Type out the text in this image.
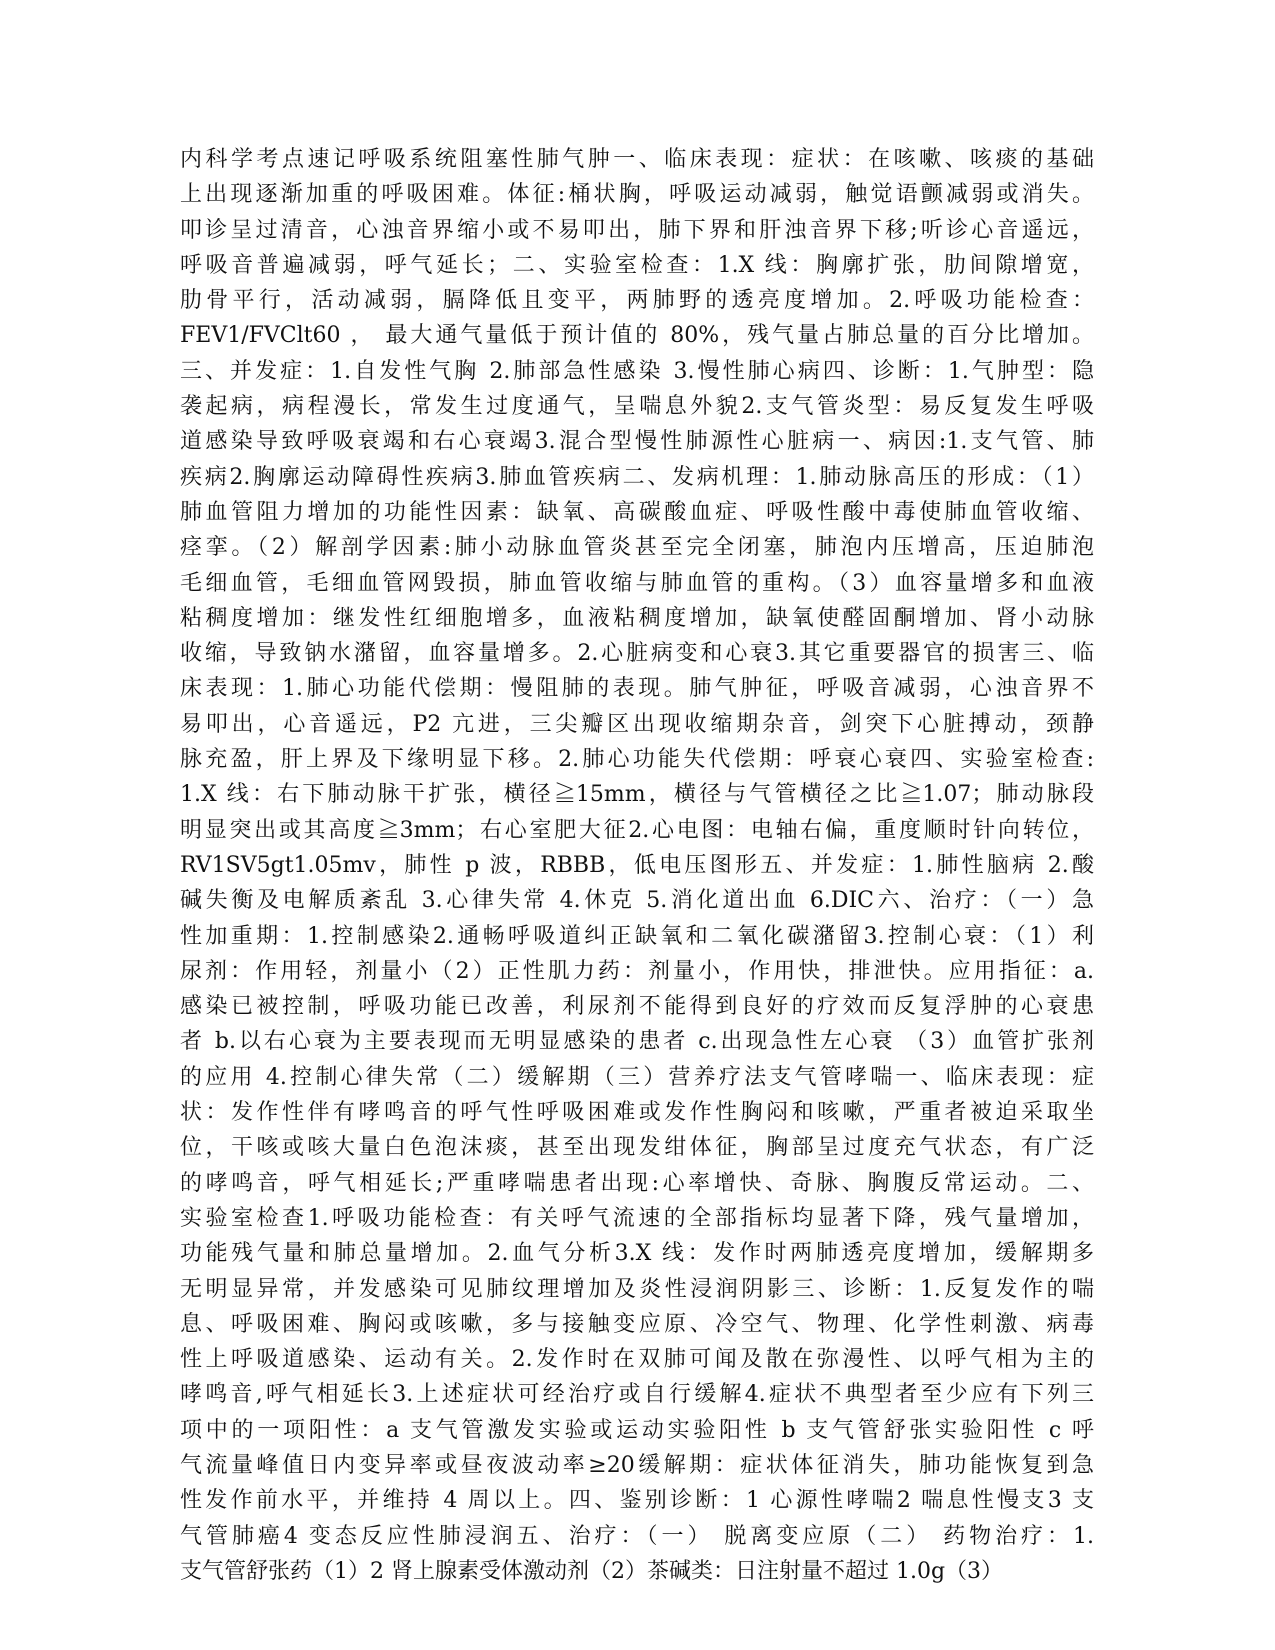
内科学考点速记呼吸系统阻塞性肺气肿一、临床表现：症状：在咳嗽、咳痰的基础
上出现逐渐加重的呼吸困难。体征:桶状胸，呼吸运动减弱，触觉语颤减弱或消失。
叩诊呈过清音，心浊音界缩小或不易叩出，肺下界和肝浊音界下移;听诊心音遥远，
呼吸音普遍减弱，呼气延长；二、实验室检查：1.X 线：胸廓扩张，肋间隙增宽，
肋骨平行，活动减弱，膈降低且变平，两肺野的透亮度增加。2.呼吸功能检查：
FEV1/FVClt60 ， 最大通气量低于预计值的 80%，残气量占肺总量的百分比增加。
三、并发症：1.自发性气胸 2.肺部急性感染 3.慢性肺心病四、诊断：1.气肿型：隐
袭起病，病程漫长，常发生过度通气，呈喘息外貌2.支气管炎型：易反复发生呼吸
道感染导致呼吸衰竭和右心衰竭3.混合型慢性肺源性心脏病一、病因:1.支气管、肺
疾病2.胸廓运动障碍性疾病3.肺血管疾病二、发病机理：1.肺动脉高压的形成：（1）
肺血管阻力增加的功能性因素：缺氧、高碳酸血症、呼吸性酸中毒使肺血管收缩、
痉挛。（2）解剖学因素:肺小动脉血管炎甚至完全闭塞，肺泡内压增高，压迫肺泡
毛细血管，毛细血管网毁损，肺血管收缩与肺血管的重构。（3）血容量增多和血液
粘稠度增加：继发性红细胞增多，血液粘稠度增加，缺氧使醛固酮增加、肾小动脉
收缩，导致钠水潴留，血容量增多。2.心脏病变和心衰3.其它重要器官的损害三、临
床表现：1.肺心功能代偿期：慢阻肺的表现。肺气肿征，呼吸音减弱，心浊音界不
易叩出，心音遥远，P2 亢进，三尖瓣区出现收缩期杂音，剑突下心脏搏动，颈静
脉充盈，肝上界及下缘明显下移。2.肺心功能失代偿期：呼衰心衰四、实验室检查:
1.X 线：右下肺动脉干扩张，横径≧15mm，横径与气管横径之比≧1.07；肺动脉段
明显突出或其高度≧3mm；右心室肥大征2.心电图：电轴右偏，重度顺时针向转位，
RV1SV5gt1.05mv，肺性 p 波，RBBB，低电压图形五、并发症：1.肺性脑病 2.酸
碱失衡及电解质紊乱 3.心律失常 4.休克 5.消化道出血 6.DIC六、治疗：（一）急
性加重期：1.控制感染2.通畅呼吸道纠正缺氧和二氧化碳潴留3.控制心衰：（1）利
尿剂：作用轻，剂量小（2）正性肌力药：剂量小，作用快，排泄快。应用指征：a.
感染已被控制，呼吸功能已改善，利尿剂不能得到良好的疗效而反复浮肿的心衰患
者 b.以右心衰为主要表现而无明显感染的患者 c.出现急性左心衰 （3）血管扩张剂
的应用 4.控制心律失常（二）缓解期（三）营养疗法支气管哮喘一、临床表现：症
状：发作性伴有哮鸣音的呼气性呼吸困难或发作性胸闷和咳嗽，严重者被迫采取坐
位，干咳或咳大量白色泡沫痰，甚至出现发绀体征，胸部呈过度充气状态，有广泛
的哮鸣音，呼气相延长;严重哮喘患者出现:心率增快、奇脉、胸腹反常运动。二、
实验室检查1.呼吸功能检查：有关呼气流速的全部指标均显著下降，残气量增加，
功能残气量和肺总量增加。2.血气分析3.X 线：发作时两肺透亮度增加，缓解期多
无明显异常，并发感染可见肺纹理增加及炎性浸润阴影三、诊断：1.反复发作的喘
息、呼吸困难、胸闷或咳嗽，多与接触变应原、冷空气、物理、化学性刺激、病毒
性上呼吸道感染、运动有关。2.发作时在双肺可闻及散在弥漫性、以呼气相为主的
哮鸣音,呼气相延长3.上述症状可经治疗或自行缓解4.症状不典型者至少应有下列三
项中的一项阳性：a 支气管激发实验或运动实验阳性 b 支气管舒张实验阳性 c 呼
气流量峰值日内变异率或昼夜波动率≥20缓解期：症状体征消失，肺功能恢复到急
性发作前水平，并维持 4 周以上。四、鉴别诊断：1 心源性哮喘2 喘息性慢支3 支
气管肺癌4 变态反应性肺浸润五、治疗：（一） 脱离变应原（二） 药物治疗：1.
支气管舒张药（1）2 肾上腺素受体激动剂（2）茶碱类：日注射量不超过 1.0g（3）
